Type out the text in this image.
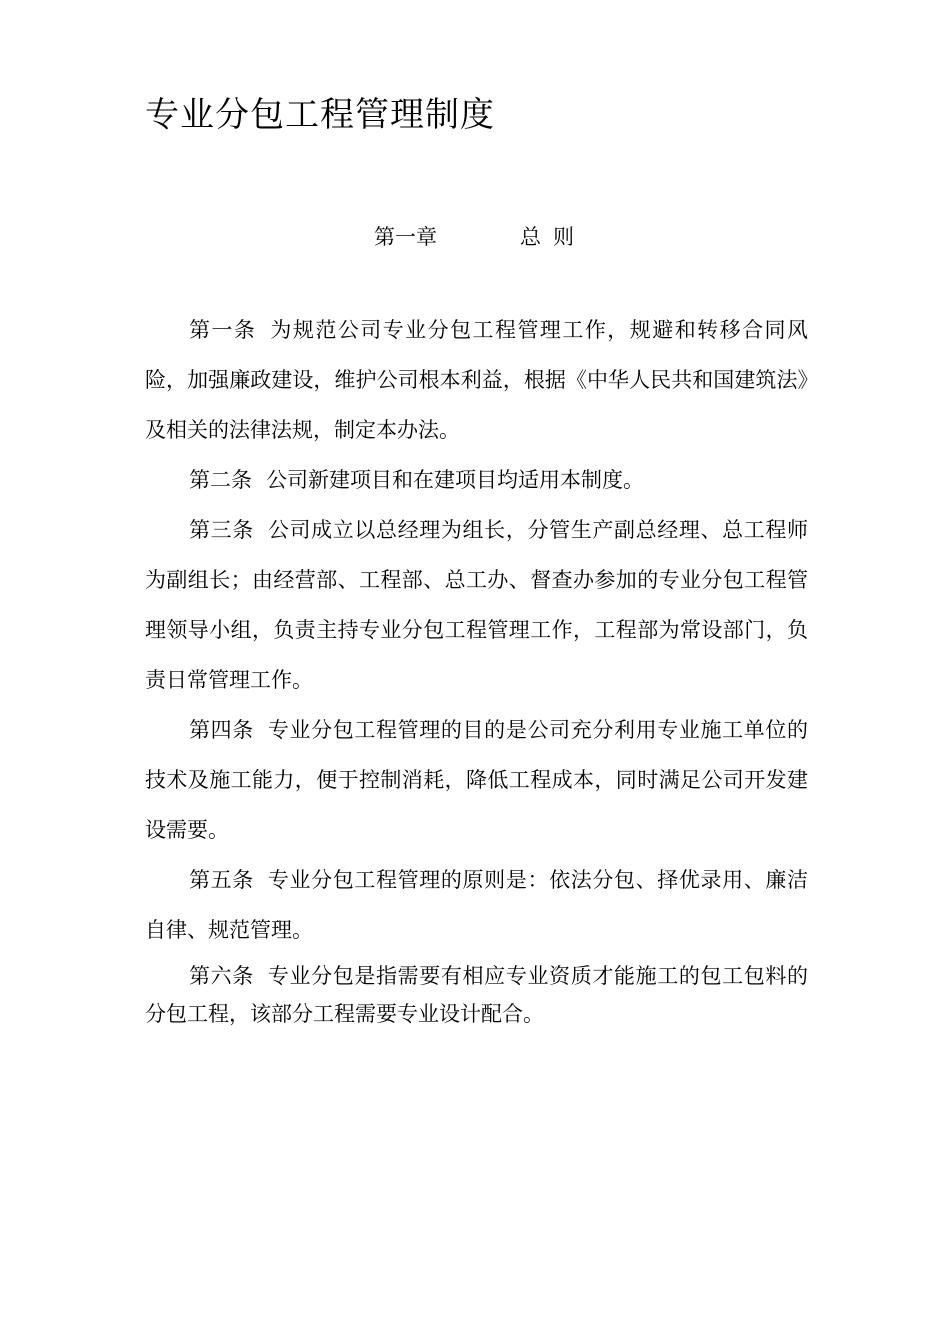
专业分包工程管理制度
第一章	总则

第一条 为规范公司专业分包工程管理工作，规避和转移合同风险，加强廉政建设，维护公司根本利益，根据《中华人民共和国建筑法》及相关的法律法规，制定本办法。

第二条 公司新建项目和在建项目均适用本制度。

第三条 公司成立以总经理为组长，分管生产副总经理、总工程师为副组长；由经营部、工程部、总工办、督查办参加的专业分包工程管理领导小组，负责主持专业分包工程管理工作，工程部为常设部门，负责日常管理工作。

第四条 专业分包工程管理的目的是公司充分利用专业施工单位的技术及施工能力，便于控制消耗，降低工程成本，同时满足公司开发建设需要。

第五条 专业分包工程管理的原则是：依法分包、择优录用、廉洁自律、规范管理。

第六条 专业分包是指需要有相应专业资质才能施工的包工包料的分包工程，该部分工程需要专业设计配合。
